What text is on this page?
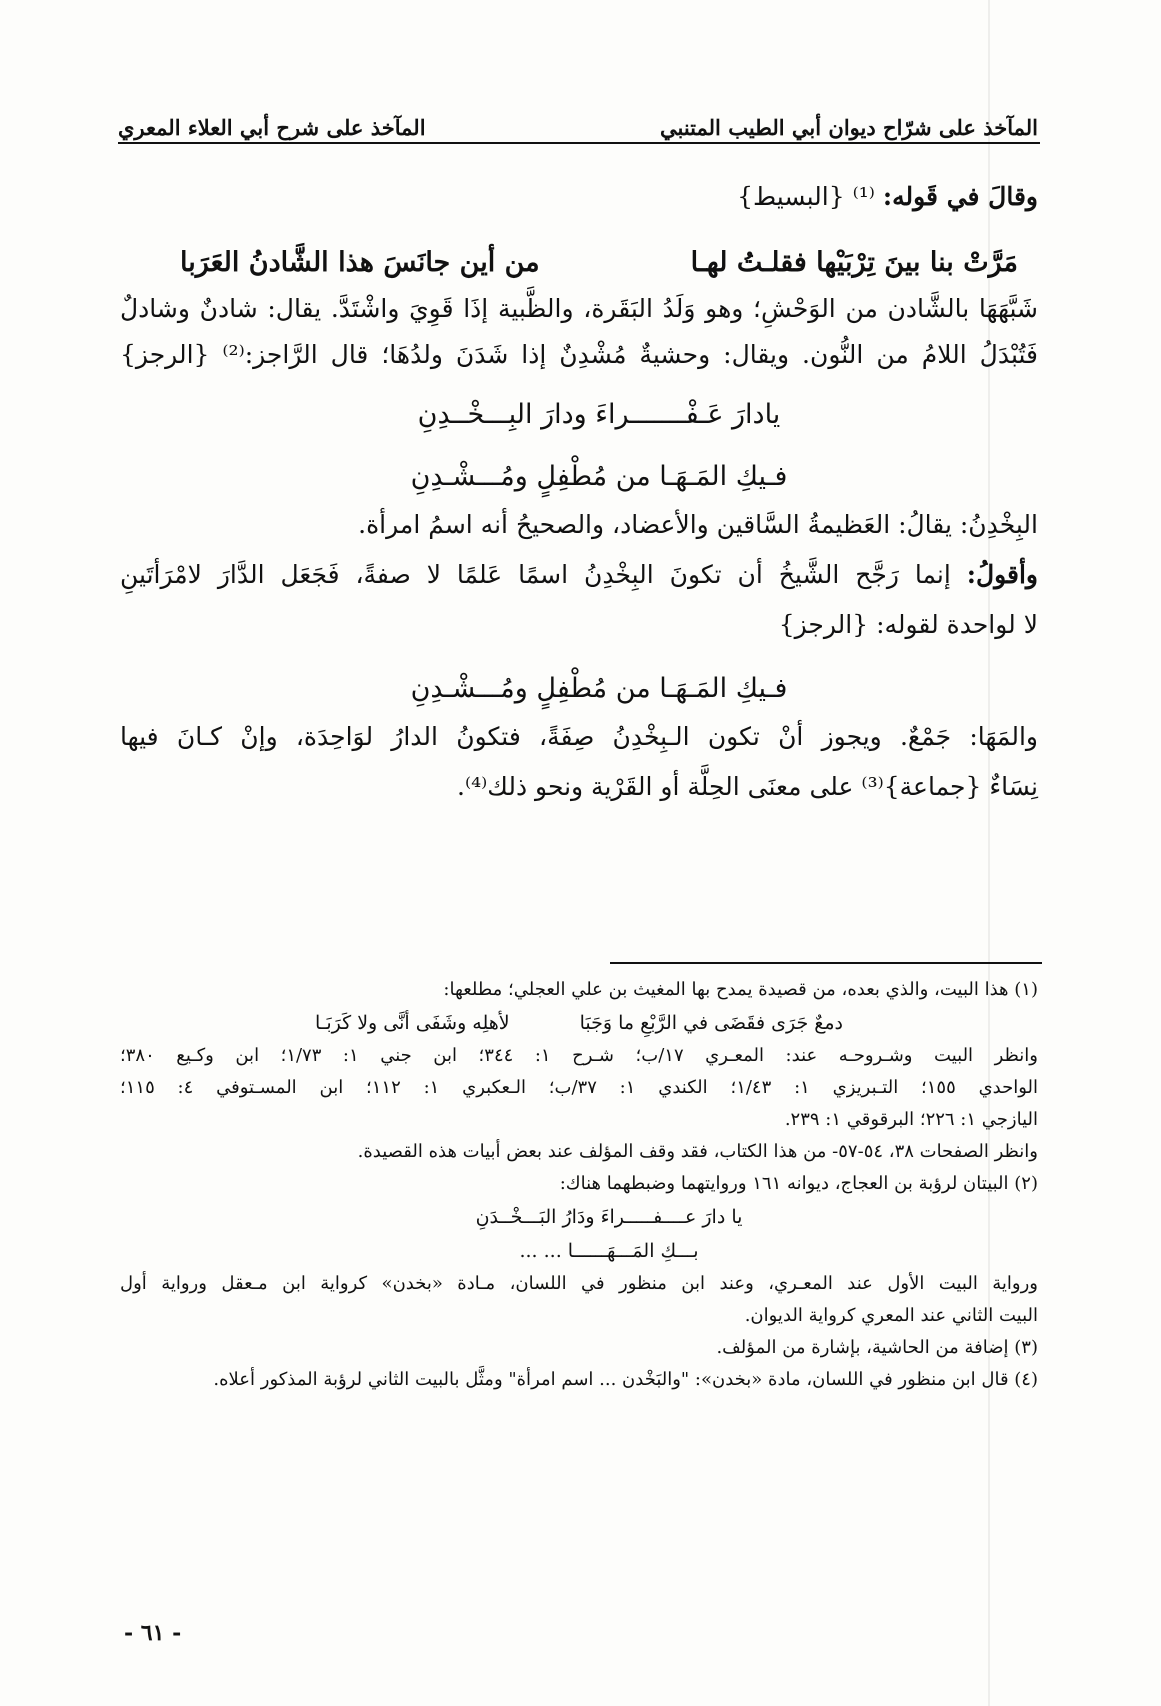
المآخذ على شرّاح ديوان أبي الطيب المتنبي
المآخذ على شرح أبي العلاء المعري

وقالَ في قَوله: ⁽¹⁾ {البسيط}

مَرَّتْ بنا بينَ تِرْبَيْها فقلـتُ لهـا
من أين جانَسَ هذا الشَّادنُ العَرَبا

شَبَّهَهَا بالشَّادن من الوَحْشِ؛ وهو وَلَدُ البَقَرة، والظَّبية إذَا قَوِيَ واشْتَدَّ. يقال: شادنٌ وشادلٌ

فَتُبْدَلُ اللامُ من النُّون. ويقال: وحشيةٌ مُشْدِنٌ إذا شَدَنَ ولدُهَا؛ قال الرَّاجز:⁽²⁾ {الرجز}

يادارَ عَـفْـــــــراءَ ودارَ البِـــخْــدِنِ
فـيكِ المَـهَـا من مُطْفِلٍ ومُـــشْـدِنِ

البِخْدِنُ: يقالُ: العَظيمةُ السَّاقين والأعضاد، والصحيحُ أنه اسمُ امرأة.

وأقولُ: إنما رَجَّح الشَّيخُ أن تكونَ البِخْدِنُ اسمًا عَلمًا لا صفةً، فَجَعَل الدَّارَ لامْرَأتَينِ

لا لواحدة لقوله: {الرجز}

فـيكِ المَـهَـا من مُطْفِلٍ ومُـــشْـدِنِ

والمَهَا: جَمْعٌ. ويجوز أنْ تكون الـبِخْدِنُ صِفَةً، فتكونُ الدارُ لوَاحِدَة، وإنْ كـانَ فيها

نِسَاءٌ {جماعة}⁽³⁾ على معنَى الحِلَّة أو القَرْية ونحو ذلك⁽⁴⁾.

(١) هذا البيت، والذي بعده، من قصيدة يمدح بها المغيث بن علي العجلي؛ مطلعها:

دمعٌ جَرَى فقَضَى في الرَّبْعِ ما وَجَبَا
لأهلِه وشَفَى أنَّى ولا كَرَبَـا

وانظر البيت وشـروحـه عند: المعـري ١٧/ب؛ شـرح ١: ٣٤٤؛ ابن جني ١: ١/٧٣؛ ابن وكـيع ٣٨٠؛

الواحدي ١٥٥؛ التـبريزي ١: ١/٤٣؛ الكندي ١: ٣٧/ب؛ الـعكبري ١: ١١٢؛ ابن المسـتوفي ٤: ١١٥؛

اليازجي ١: ٢٢٦؛ البرقوقي ١: ٢٣٩.

وانظر الصفحات ٣٨، ٥٤-٥٧- من هذا الكتاب، فقد وقف المؤلف عند بعض أبيات هذه القصيدة.

(٢) البيتان لرؤبة بن العجاج، ديوانه ١٦١ وروايتهما وضبطهما هناك:

يا دارَ عــــفـــــراءَ ودَارُ البَـــخْــدَنِ
بـــكِ المَـــهَــــــا ... ...

ورواية البيت الأول عند المعـري، وعند ابن منظور في اللسان، مـادة «بخدن» كرواية ابن مـعقل ورواية أول

البيت الثاني عند المعري كرواية الديوان.

(٣) إضافة من الحاشية، بإشارة من المؤلف.

(٤) قال ابن منظور في اللسان، مادة «بخدن»: "والبَخْدن ... اسم امرأة" ومثَّل بالبيت الثاني لرؤبة المذكور أعلاه.

- ٦١ -
